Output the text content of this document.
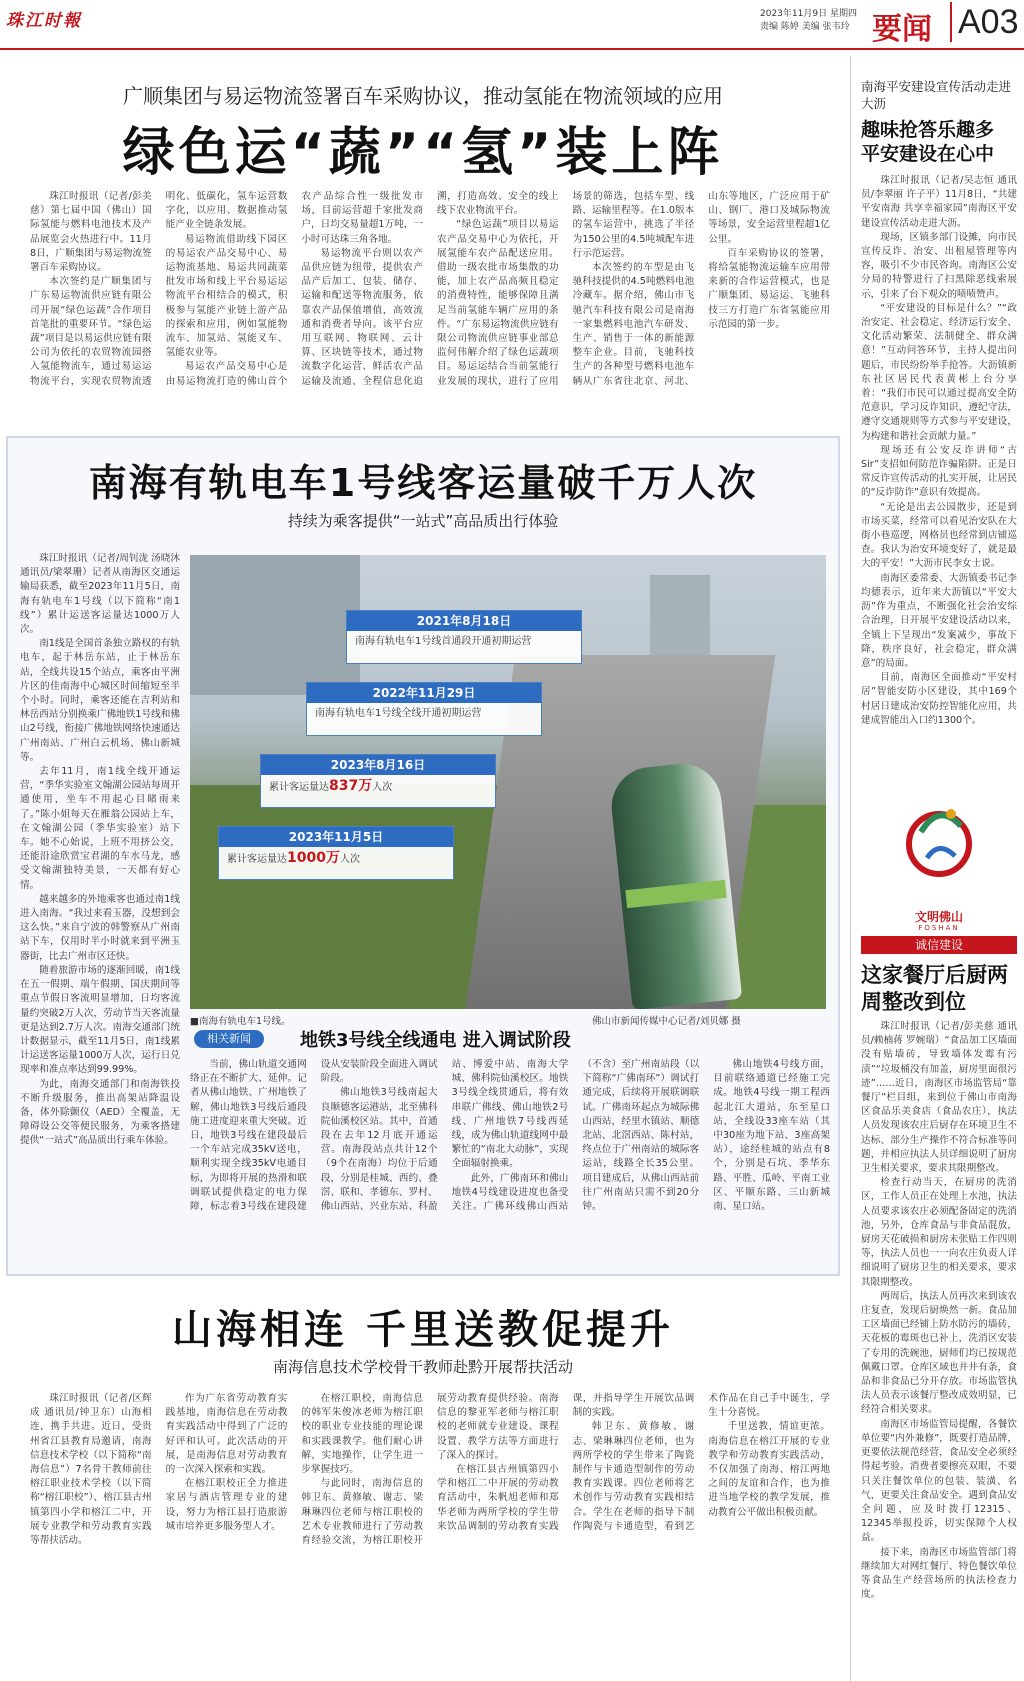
珠江时報	2023年11月9日 星期四
责编 陈婷 美编 张韦玲 要闻 A03
广顺集团与易运物流签署百车采购协议，推动氢能在物流领域的应用
绿色运“蔬”“氢”装上阵

珠江时报讯（记者/彭美慈）第七届中国（佛山）国际氢能与燃料电池技术及产品展览会火热进行中。11月8日，广顺集团与易运物流签署百车采购协议。

本次签约是广顺集团与广东易运物流供应链有限公司开展“绿色运蔬”合作项目首笔批的重要环节。“绿色运蔬”项目是以易运供应链有限公司为依托的农贸物流园搭入氢能物流车，通过易运运物流平台，实现农贸物流透明化、低碳化，氢车运营数字化，以应用、数据推动氢能产业全链条发展。

易运物流借助线下园区的易运农产品交易中心、易运物流基地、易运共同蔬菜批发市场和线上平台易运运物流平台相结合的模式，积极参与氢能产业链上游产品的探索和应用，例如氢能物流车、加氢站、氢能叉车、氢能农业等。

易运农产品交易中心是由易运物流打造的佛山首个农产品综合性一级批发市场，目前运营超千家批发商户，日均交易量超1万吨，一小时可达珠三角各地。

易运物流平台则以农产品供应链为纽带，提供农产品产后加工、包装、储存、运输和配送等物流服务，依靠农产品保值增值，高效流通和消费者导向。该平台应用互联网、物联网、云计算、区块链等技术，通过物流数字化运营、鲜活农产品运输及流通、全程信息化追溯，打造高效、安全的线上线下农业物流平台。

“绿色运蔬”项目以易运农产品交易中心为依托，开展氢能车农产品配送应用。借助一级农批市场集散的功能，加上农产品高频且稳定的消费特性，能够保障且满足当前氢能车辆广应用的条件。“广东易运物流供应链有限公司物流供应链事业部总监何伟解介绍了绿色运蔬项目。易运运结合当前氢能行业发展的现状，进行了应用场景的筛选，包括车型、线路、运输里程等。在1.0版本的氢车运营中，挑选了半径为150公里的4.5吨城配车进行示范运营。

本次签约的车型是由飞驰科技提供的4.5吨燃料电池冷藏车。据介绍，佛山市飞驰汽车科技有限公司是南海一家集燃料电池汽车研发、生产、销售于一体的新能源整车企业。目前，飞驰科技生产的各种型号燃料电池车辆从广东省往北京、河北、山东等地区，广泛应用于矿山、钢厂、港口及城际物流等场景，安全运营里程超1亿公里。

百车采购协议的签署，将给氢能物流运输车应用带来新的合作运营模式，也是广顺集团、易运运、飞驰科技三方打造广东省氢能应用示范园的第一步。

南海有轨电车1号线客运量破千万人次
持续为乘客提供“一站式”高品质出行体验

珠江时报讯（记者/周钊泷 汤晓沐 通讯员/梁翠珊）记者从南海区交通运输局获悉，截至2023年11月5日，南海有轨电车1号线（以下简称“南1线”）累计运送客运量达1000万人次。

南1线是全国首条独立路权的有轨电车，起于林岳东站，止于林岳东站，全线共设15个站点，乘客由平洲片区的佳南海中心城区时间缩短至半个小时。同时，乘客还能在吉利站和林岳西站分别换乘广佛地铁1号线和佛山2号线，衔接广佛地铁网络快速通达广州南站、广州白云机场、佛山新城等。

去年11月，南1线全线开通运营，“季华实验室文翰湖公园站每周开通使用，坐车不用起心目睹雨来了。”陈小姐每天在雁翁公园站上车，在文翰湖公园（季华实验室）站下车。她不心始说，上班不用挤公交，还能沿途欣赏宝君湖的车水马龙，感受文翰湖独特美景，一天都有好心情。

越来越多的外地乘客也通过南1线进入南海。“我过来看玉器，没想到会这么快。”来自宁波的韩警察从广州南站下车，仅用时半小时就来到平洲玉器街，比去广州市区还快。

随着旅游市场的逐渐回暖，南1线在五一假期、端午假期、国庆期间等重点节假日客流明显增加，日均客流量约突破2万人次，劳动节当天客流量更是达到2.7万人次。南海交通部门统计数据显示，截至11月5日，南1线累计运送客运量1000万人次，运行日兑现率和准点率达到99.99%。

为此，南海交通部门和南海铁投不断升级服务，推出高架站降温设备，体外除颤仪（AED）全覆盖，无障碍设公交等便民服务，为乘客搭建提供“一站式”高品质出行乘车体验。

2021年8月18日
南海有轨电车1号线首通段开通初期运营
2022年11月29日
南海有轨电车1号线全线开通初期运营
2023年8月16日
累计客运量达837万人次
2023年11月5日
累计客运量达1000万人次
■南海有轨电车1号线。	佛山市新闻传媒中心记者/刘贝娜 摄
相关新闻	地铁3号线全线通电 进入调试阶段

当前，佛山轨道交通网络正在不断扩大、延伸。记者从佛山地铁、广州地铁了解，佛山地铁3号线后通段施工进度迎来重大突破。近日，地铁3号线在建段最后一个车站完成35kV送电，顺利实现全线35kV电通目标，为即将开展的热滑和联调联试提供稳定的电力保障，标志着3号线在建段建设从安装阶段全面进入调试阶段。

佛山地铁3号线南起大良顺德客运港站，北至佛科院仙溪校区站。其中，首通段在去年12月底开通运营。南海段站点共计12个（9个在南海）均位于后通段，分别是桂城、西约、叠滘、联和、孝德东、罗村、佛山西站、兴业东站、科盈站、博爱中站、南海大学城、佛科院仙溪校区。地铁3号线全线贯通后，将有效串联广佛线、佛山地铁2号线、广州地铁7号线西延线，成为佛山轨道线网中最繁忙的“南北大动脉”，实现全面辐射换乘。

此外，广佛南环和佛山地铁4号线建设进度也备受关注。广佛环线佛山西站（不含）至广州南站段（以下简称“广佛南环”）调试打通完成，后续将开展联调联试。广佛南环起点为城际佛山西站，经里水镇站、顺德北站、北滘西站、陈村站，终点位于广州南站的城际客运站，线路全长35公里。项目建成后，从佛山西站前往广州南站只需不到20分钟。

佛山地铁4号线方面，目前联络通道已经施工完成。地铁4号线一期工程西起北江大道站，东至星口站，全线设33座车站（其中30座为地下站、3座高架站），途经桂城的站点有8个，分别是石坑、季华东路、平胜、瓜岭、平南工业区、平顺东路、三山新城南、星口站。

山海相连 千里送教促提升
南海信息技术学校骨干教师赴黔开展帮扶活动

珠江时报讯（记者/区辉成 通讯员/钟卫东）山海相连，携手共进。近日，受贵州省江县教育局邀请，南海信息技术学校（以下简称“南海信息”）7名骨干教师前往榕江职业技术学校（以下简称“榕江职校”）、榕江县古州镇第四小学和榕江二中，开展专业教学和劳动教育实践等帮扶活动。

作为广东省劳动教育实践基地，南海信息在劳动教育实践活动中得到了广泛的好评和认可。此次活动的开展，是南海信息对劳动教育的一次深入探索和实践。

在榕江职校正全力推进家居与酒店管理专业的建设，努力为榕江县打造旅游城市培养更多服务型人才。

在榕江职校，南海信息的韩军朱俊冰老师为榕江职校的职业专业技能的理论课和实践课教学。他们耐心讲解，实地操作，让学生进一步掌握技巧。

与此同时，南海信息的韩卫东、黄修敏、谢志、梁琳琳四位老师与榕江职校的艺术专业教师进行了劳动教育经验交流，为榕江职校开展劳动教育提供经验。南海信息的黎亚军老师与榕江职校的老师就专业建设、课程设置、教学方法等方面进行了深入的探讨。

在榕江县古州镇第四小学和榕江二中开展的劳动教育活动中，朱帆旭老师和郑华老师为两所学校的学生带来饮品调制的劳动教育实践课，并指导学生开展饮品调制的实践。

韩卫东、黄修敏、谢志、梁琳琳四位老师，也为两所学校的学生带来了陶瓷制作与卡通造型制作的劳动教育实践课。四位老师将艺术创作与劳动教育实践相结合。学生在老师的指导下制作陶瓷与卡通造型，看到艺术作品在自己手中诞生，学生十分喜悦。

千里送教，情谊更浓。南海信息在榕江开展的专业教学和劳动教育实践活动，不仅加强了南海、榕江两地之间的友谊和合作，也为推进当地学校的教学发展，推动教育公平做出积极贡献。

南海平安建设宣传活动走进大沥
趣味抢答乐趣多 平安建设在心中

珠江时报讯（记者/吴志恒 通讯员/李翠丽 许子平）11月8日，“共建平安南海 共享幸福家园”南海区平安建设宣传活动走进大沥。

现场，区镇多部门设摊，向市民宣传反诈、治安、出租屋管理等内容，吸引不少市民咨询。南海区公安分局的特警进行了扫黑除恶线索展示，引来了台下观众的啧啧赞声。

“平安建设的目标是什么？”“政治安定、社会稳定、经济运行安全、文化活动繁荣、法制健全、群众满意！”互动问答环节，主持人提出问题后，市民纷纷举手抢答。大沥镇新东社区居民代表黄彬上台分享着：“我们市民可以通过提高安全防范意识，学习反诈知识，遵纪守法，遵守交通规则等方式参与平安建设，为构建和谐社会贡献力量。”

现场还有公安反诈讲师“古Sir”支招如何防范诈骗陷阱。正是日常反诈宣传活动的扎实开展，让居民的“反诈防诈”意识有效提高。

“无论是出去公园散步，还是到市场买菜，经常可以看见治安队在大街小巷巡逻，网格员也经常到店铺巡查。我认为治安环境变好了，就是最大的平安！”大沥市民李女士说。

南海区委常委、大沥镇委书记李均德表示，近年来大沥镇以“平安大沥”作为重点，不断强化社会治安综合治理，日开展平安建设活动以来，全镇上下呈现出“发案减少，事故下降，秩序良好，社会稳定，群众满意”的局面。

目前，南海区全面推动“平安村居”智能安防小区建设，其中169个村居日建成治安防控智能化应用，共建成智能出入口约1300个。

文明佛山
FOSHAN
诚信建设
这家餐厅后厨两周整改到位

珠江时报讯（记者/彭美慈 通讯员/赖楠蒋 罗婉瑞）“食品加工区墙面没有贴墙砖，导致墙体发霉有污渍”“垃圾桶没有加盖，厨房里面很污迹”……近日，南海区市场监管局“靠餐厅”栏目组，来到位于佛山市南海区食品乐美食店（食品农庄），执法人员发现该农庄后厨存在环境卫生不达标、部分生产操作不符合标准等问题，并相应执法人员详细说明了厨房卫生相关要求，要求其限期整改。

检查行动当天，在厨房的洗消区，工作人员正在处理上水池，执法人员要求该农庄必须配备固定的洗消池，另外，仓库食品与非食品混放，厨房天花破损和厨房未张贴工作四则等，执法人员也一一向农庄负责人详细说明了厨房卫生的相关要求，要求其限期整改。

两周后，执法人员再次来到该农庄复查，发现后厨焕然一新。食品加工区墙面已经铺上防水防污的墙砖，天花板的霉斑也已补上，洗消区安装了专用的洗碗池，厨师们均已按规范佩戴口罩。仓库区域也井井有条，食品和非食品已分开存放。市场监管执法人员表示该餐厅整改成效明显，已经符合相关要求。

南海区市场监管局提醒，各餐饮单位要“内外兼修”，既要打造品牌，更要依法规范经营，食品安全必须经得起考验。消费者要擦亮双眼，不要只关注餐饮单位的包装、装潢、名气，更要关注食品安全。遇到食品安全问题，应及时拨打12315、12345举报投诉，切实保障个人权益。

接下来，南海区市场监管部门将继续加大对网红餐厅、特色餐饮单位等食品生产经营场所的执法检查力度。
